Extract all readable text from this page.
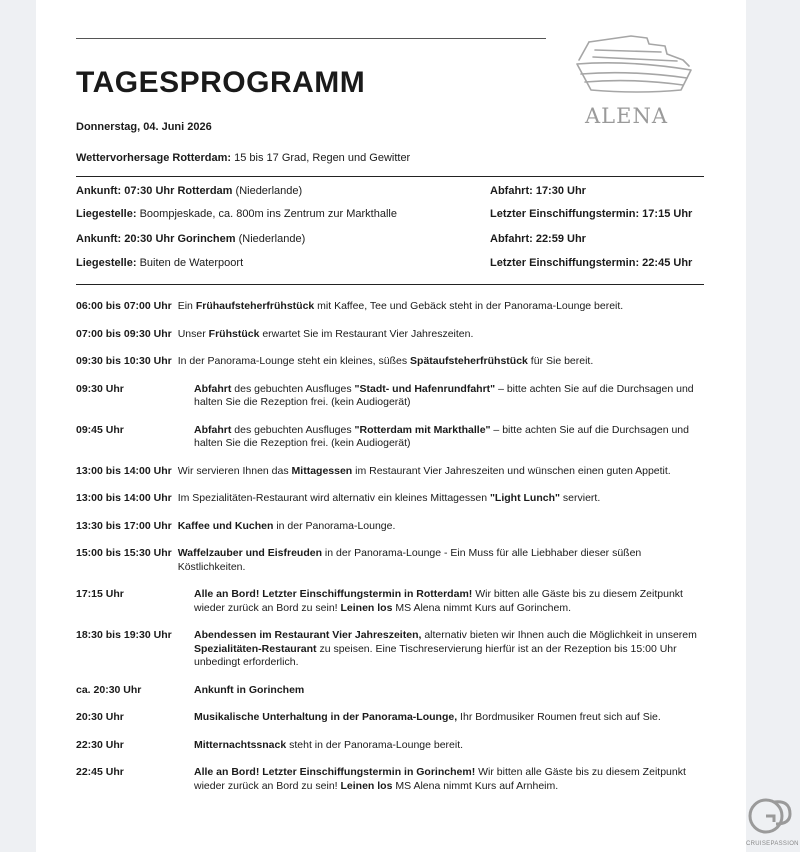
TAGESPROGRAMM
Donnerstag, 04. Juni 2026
Wettervorhersage Rotterdam: 15 bis 17 Grad, Regen und Gewitter
ALENA
Ankunft: 07:30 Uhr Rotterdam (Niederlande)	Abfahrt: 17:30 Uhr
Liegestelle: Boompjeskade, ca. 800m ins Zentrum zur Markthalle	Letzter Einschiffungstermin: 17:15 Uhr
Ankunft: 20:30 Uhr Gorinchem (Niederlande)	Abfahrt: 22:59 Uhr
Liegestelle: Buiten de Waterpoort	Letzter Einschiffungstermin: 22:45 Uhr
06:00 bis 07:00 Uhr Ein Frühaufsteherfrühstück mit Kaffee, Tee und Gebäck steht in der Panorama-Lounge bereit.
07:00 bis 09:30 Uhr Unser Frühstück erwartet Sie im Restaurant Vier Jahreszeiten.
09:30 bis 10:30 Uhr In der Panorama-Lounge steht ein kleines, süßes Spätaufsteherfrühstück für Sie bereit.
09:30 Uhr	Abfahrt des gebuchten Ausfluges "Stadt- und Hafenrundfahrt" – bitte achten Sie auf die Durchsagen und halten Sie die Rezeption frei. (kein Audiogerät)
09:45 Uhr	Abfahrt des gebuchten Ausfluges "Rotterdam mit Markthalle" – bitte achten Sie auf die Durchsagen und halten Sie die Rezeption frei. (kein Audiogerät)
13:00 bis 14:00 Uhr Wir servieren Ihnen das Mittagessen im Restaurant Vier Jahreszeiten und wünschen einen guten Appetit.
13:00 bis 14:00 Uhr Im Spezialitäten-Restaurant wird alternativ ein kleines Mittagessen "Light Lunch" serviert.
13:30 bis 17:00 Uhr Kaffee und Kuchen in der Panorama-Lounge.
15:00 bis 15:30 Uhr Waffelzauber und Eisfreuden in der Panorama-Lounge - Ein Muss für alle Liebhaber dieser süßen Köstlichkeiten.
17:15 Uhr	Alle an Bord! Letzter Einschiffungstermin in Rotterdam! Wir bitten alle Gäste bis zu diesem Zeitpunkt wieder zurück an Bord zu sein! Leinen los MS Alena nimmt Kurs auf Gorinchem.
18:30 bis 19:30 Uhr	Abendessen im Restaurant Vier Jahreszeiten, alternativ bieten wir Ihnen auch die Möglichkeit in unserem Spezialitäten-Restaurant zu speisen. Eine Tischreservierung hierfür ist an der Rezeption bis 15:00 Uhr unbedingt erforderlich.
ca. 20:30 Uhr	Ankunft in Gorinchem
20:30 Uhr	Musikalische Unterhaltung in der Panorama-Lounge, Ihr Bordmusiker Roumen freut sich auf Sie.
22:30 Uhr	Mitternachtssnack steht in der Panorama-Lounge bereit.
22:45 Uhr	Alle an Bord! Letzter Einschiffungstermin in Gorinchem! Wir bitten alle Gäste bis zu diesem Zeitpunkt wieder zurück an Bord zu sein! Leinen los MS Alena nimmt Kurs auf Arnheim.
CRUISEPASSION
